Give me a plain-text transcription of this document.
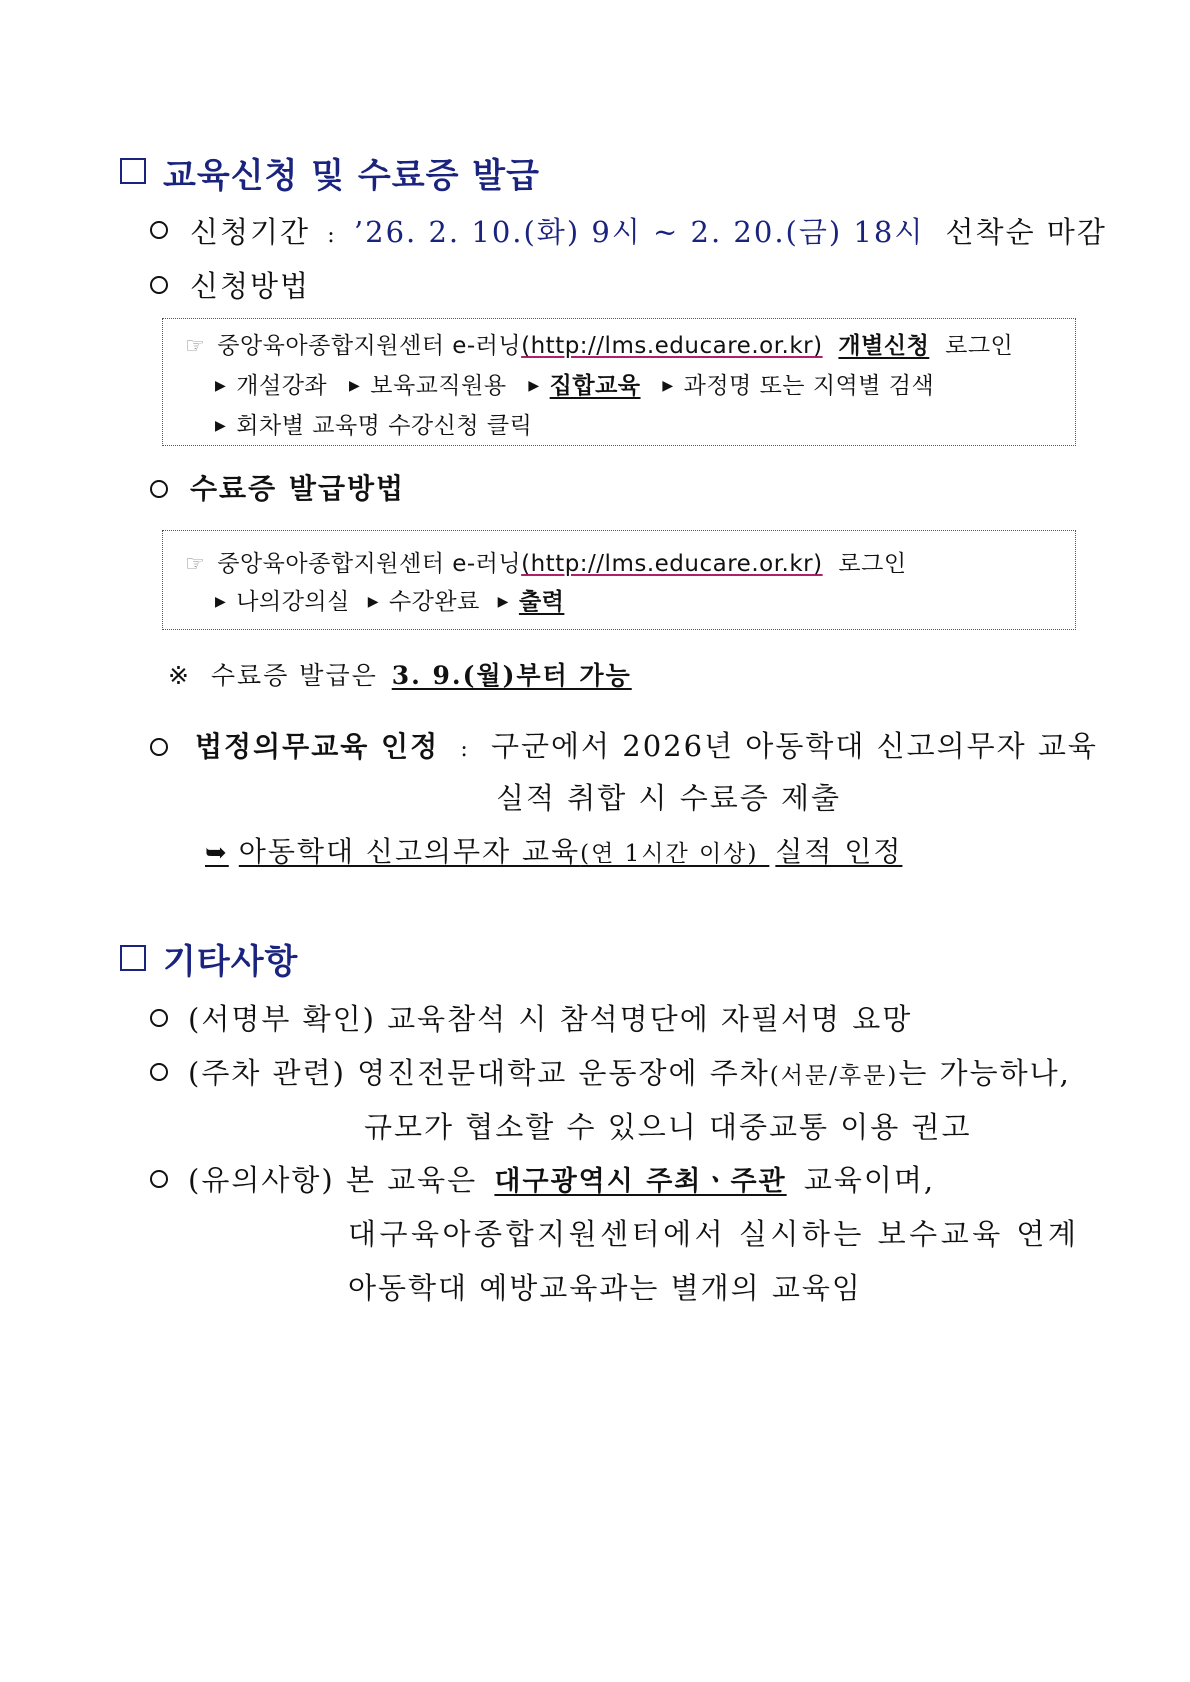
교육신청 및 수료증 발급
신청기간 : ’26. 2. 10.(화) 9시 ~ 2. 20.(금) 18시 선착순 마감
신청방법
☞ 중앙육아종합지원센터 e-러닝(http://lms.educare.or.kr) 개별신청 로그인
▶ 개설강좌 ▶ 보육교직원용 ▶ 집합교육 ▶ 과정명 또는 지역별 검색
▶ 회차별 교육명 수강신청 클릭
수료증 발급방법
☞ 중앙육아종합지원센터 e-러닝(http://lms.educare.or.kr) 로그인
▶ 나의강의실 ▶ 수강완료 ▶ 출력
※ 수료증 발급은 3. 9.(월)부터 가능
법정의무교육 인정 : 구군에서 2026년 아동학대 신고의무자 교육
실적 취합 시 수료증 제출
➥ 아동학대 신고의무자 교육(연 1시간 이상) 실적 인정
기타사항
(서명부 확인) 교육참석 시 참석명단에 자필서명 요망
(주차 관련) 영진전문대학교 운동장에 주차(서문/후문)는 가능하나,
규모가 협소할 수 있으니 대중교통 이용 권고
(유의사항) 본 교육은 대구광역시 주최ㆍ주관 교육이며,
대구육아종합지원센터에서 실시하는 보수교육 연계
아동학대 예방교육과는 별개의 교육임
